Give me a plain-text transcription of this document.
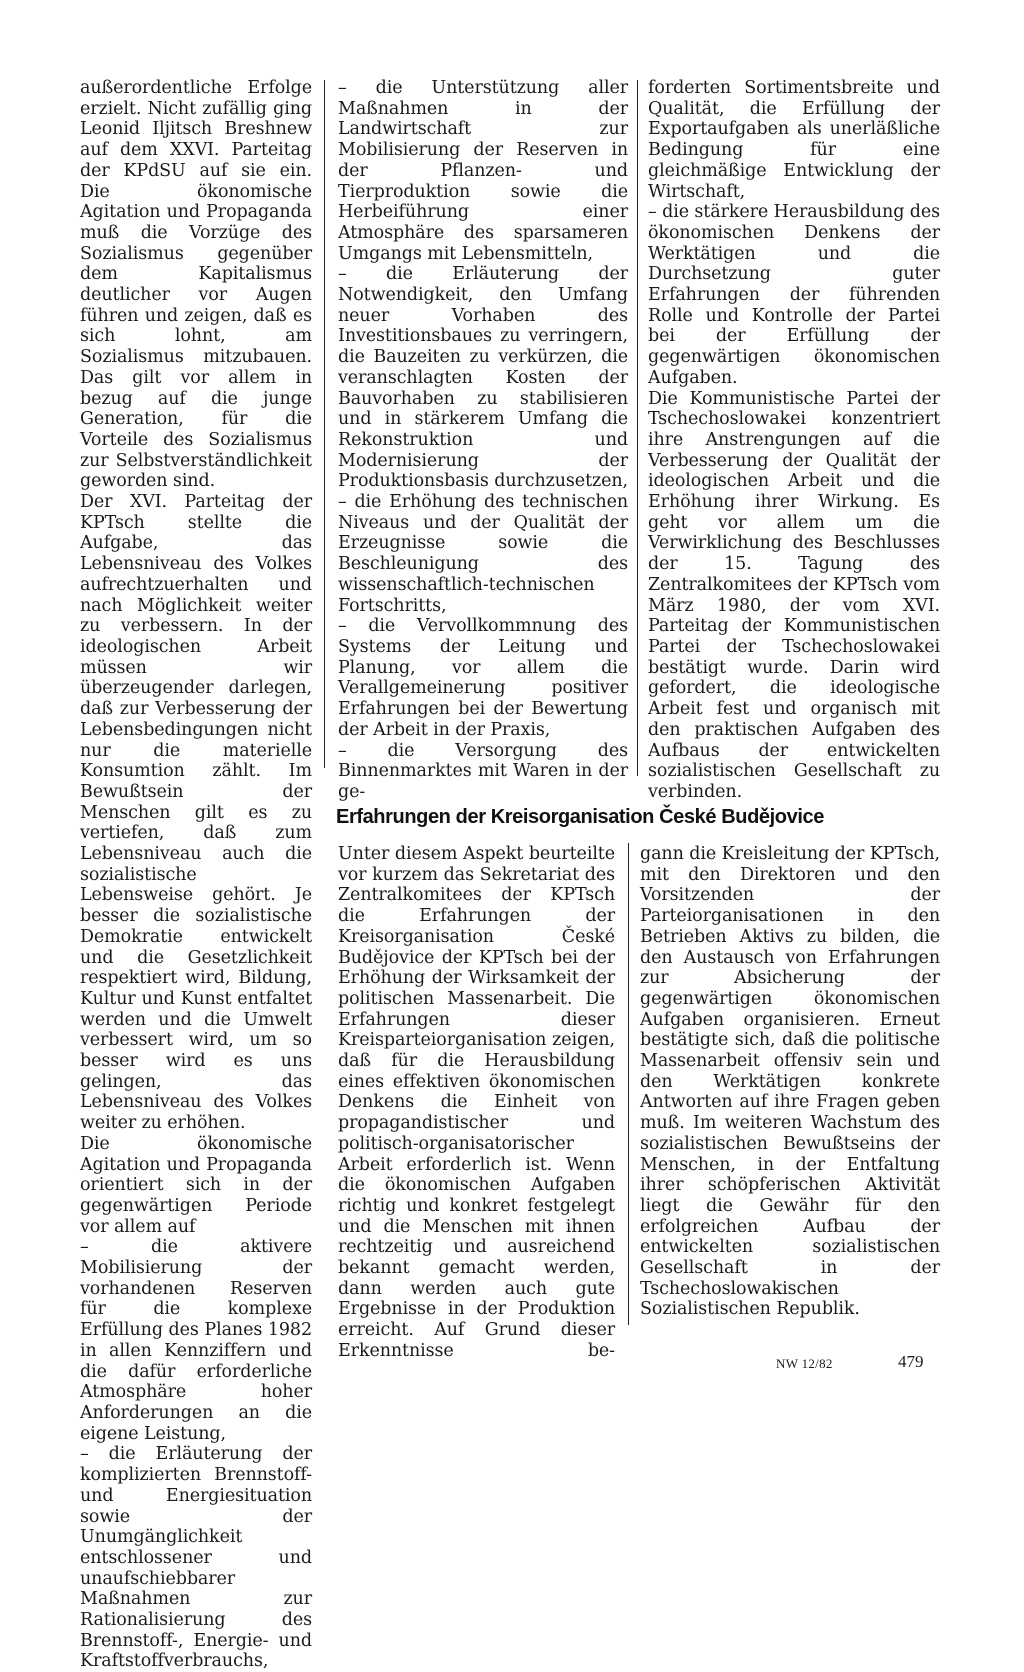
außerordentliche Erfolge erzielt. Nicht zufällig ging Leonid Iljitsch Breshnew auf dem XXVI. Parteitag der KPdSU auf sie ein. Die ökonomische Agitation und Propaganda muß die Vorzüge des Sozialismus gegenüber dem Kapitalismus deutlicher vor Augen führen und zeigen, daß es sich lohnt, am Sozialismus mitzubauen. Das gilt vor allem in bezug auf die junge Generation, für die Vorteile des Sozialismus zur Selbstverständlichkeit geworden sind.

Der XVI. Parteitag der KPTsch stellte die Aufgabe, das Lebensniveau des Volkes aufrechtzuerhalten und nach Möglichkeit weiter zu verbessern. In der ideologischen Arbeit müssen wir überzeugender darlegen, daß zur Verbesserung der Lebensbedingungen nicht nur die materielle Konsumtion zählt. Im Bewußtsein der Menschen gilt es zu vertiefen, daß zum Lebensniveau auch die sozialistische Lebensweise gehört. Je besser die sozialistische Demokratie entwickelt und die Gesetzlichkeit respektiert wird, Bildung, Kultur und Kunst entfaltet werden und die Umwelt verbessert wird, um so besser wird es uns gelingen, das Lebensniveau des Volkes weiter zu erhöhen.

Die ökonomische Agitation und Propaganda orientiert sich in der gegenwärtigen Periode vor allem auf

– die aktivere Mobilisierung der vorhandenen Reserven für die komplexe Erfüllung des Planes 1982 in allen Kennziffern und die dafür erforderliche Atmosphäre hoher Anforderungen an die eigene Leistung,

– die Erläuterung der komplizierten Brennstoff- und Energiesituation sowie der Unumgänglichkeit entschlossener und unaufschiebbarer Maßnahmen zur Rationalisierung des Brennstoff-, Energie- und Kraftstoffverbrauchs,

– die Unterstützung aller Maßnahmen in der Landwirtschaft zur Mobilisierung der Reserven in der Pflanzen- und Tierproduktion sowie die Herbeiführung einer Atmosphäre des sparsameren Umgangs mit Lebensmitteln,

– die Erläuterung der Notwendigkeit, den Umfang neuer Vorhaben des Investitionsbaues zu verringern, die Bauzeiten zu verkürzen, die veranschlagten Kosten der Bauvorhaben zu stabilisieren und in stärkerem Umfang die Rekonstruktion und Modernisierung der Produktionsbasis durchzusetzen,

– die Erhöhung des technischen Niveaus und der Qualität der Erzeugnisse sowie die Beschleunigung des wissenschaftlich-technischen Fortschritts,

– die Vervollkommnung des Systems der Leitung und Planung, vor allem die Verallgemeinerung positiver Erfahrungen bei der Bewertung der Arbeit in der Praxis,

– die Versorgung des Binnenmarktes mit Waren in der ge-

forderten Sortimentsbreite und Qualität, die Erfüllung der Exportaufgaben als unerläßliche Bedingung für eine gleichmäßige Entwicklung der Wirtschaft,

– die stärkere Herausbildung des ökonomischen Denkens der Werktätigen und die Durchsetzung guter Erfahrungen der führenden Rolle und Kontrolle der Partei bei der Erfüllung der gegenwärtigen ökonomischen Aufgaben.

Die Kommunistische Partei der Tschechoslowakei konzentriert ihre Anstrengungen auf die Verbesserung der Qualität der ideologischen Arbeit und die Erhöhung ihrer Wirkung. Es geht vor allem um die Verwirklichung des Beschlusses der 15. Tagung des Zentralkomitees der KPTsch vom März 1980, der vom XVI. Parteitag der Kommunistischen Partei der Tschechoslowakei bestätigt wurde. Darin wird gefordert, die ideologische Arbeit fest und organisch mit den praktischen Aufgaben des Aufbaus der entwickelten sozialistischen Gesellschaft zu verbinden.

Erfahrungen der Kreisorganisation České Budějovice

Unter diesem Aspekt beurteilte vor kurzem das Sekretariat des Zentralkomitees der KPTsch die Erfahrungen der Kreisorganisation České Budějovice der KPTsch bei der Erhöhung der Wirksamkeit der politischen Massenarbeit. Die Erfahrungen dieser Kreisparteiorganisation zeigen, daß für die Herausbildung eines effektiven ökonomischen Denkens die Einheit von propagandistischer und politisch-organisatorischer Arbeit erforderlich ist. Wenn die ökonomischen Aufgaben richtig und konkret festgelegt und die Menschen mit ihnen rechtzeitig und ausreichend bekannt gemacht werden, dann werden auch gute Ergebnisse in der Produktion erreicht. Auf Grund dieser Erkenntnisse be-

gann die Kreisleitung der KPTsch, mit den Direktoren und den Vorsitzenden der Parteiorganisationen in den Betrieben Aktivs zu bilden, die den Austausch von Erfahrungen zur Absicherung der gegenwärtigen ökonomischen Aufgaben organisieren. Erneut bestätigte sich, daß die politische Massenarbeit offensiv sein und den Werktätigen konkrete Antworten auf ihre Fragen geben muß. Im weiteren Wachstum des sozialistischen Bewußtseins der Menschen, in der Entfaltung ihrer schöpferischen Aktivität liegt die Gewähr für den erfolgreichen Aufbau der entwickelten sozialistischen Gesellschaft in der Tschechoslowakischen Sozialistischen Republik.

NW 12/82	479
